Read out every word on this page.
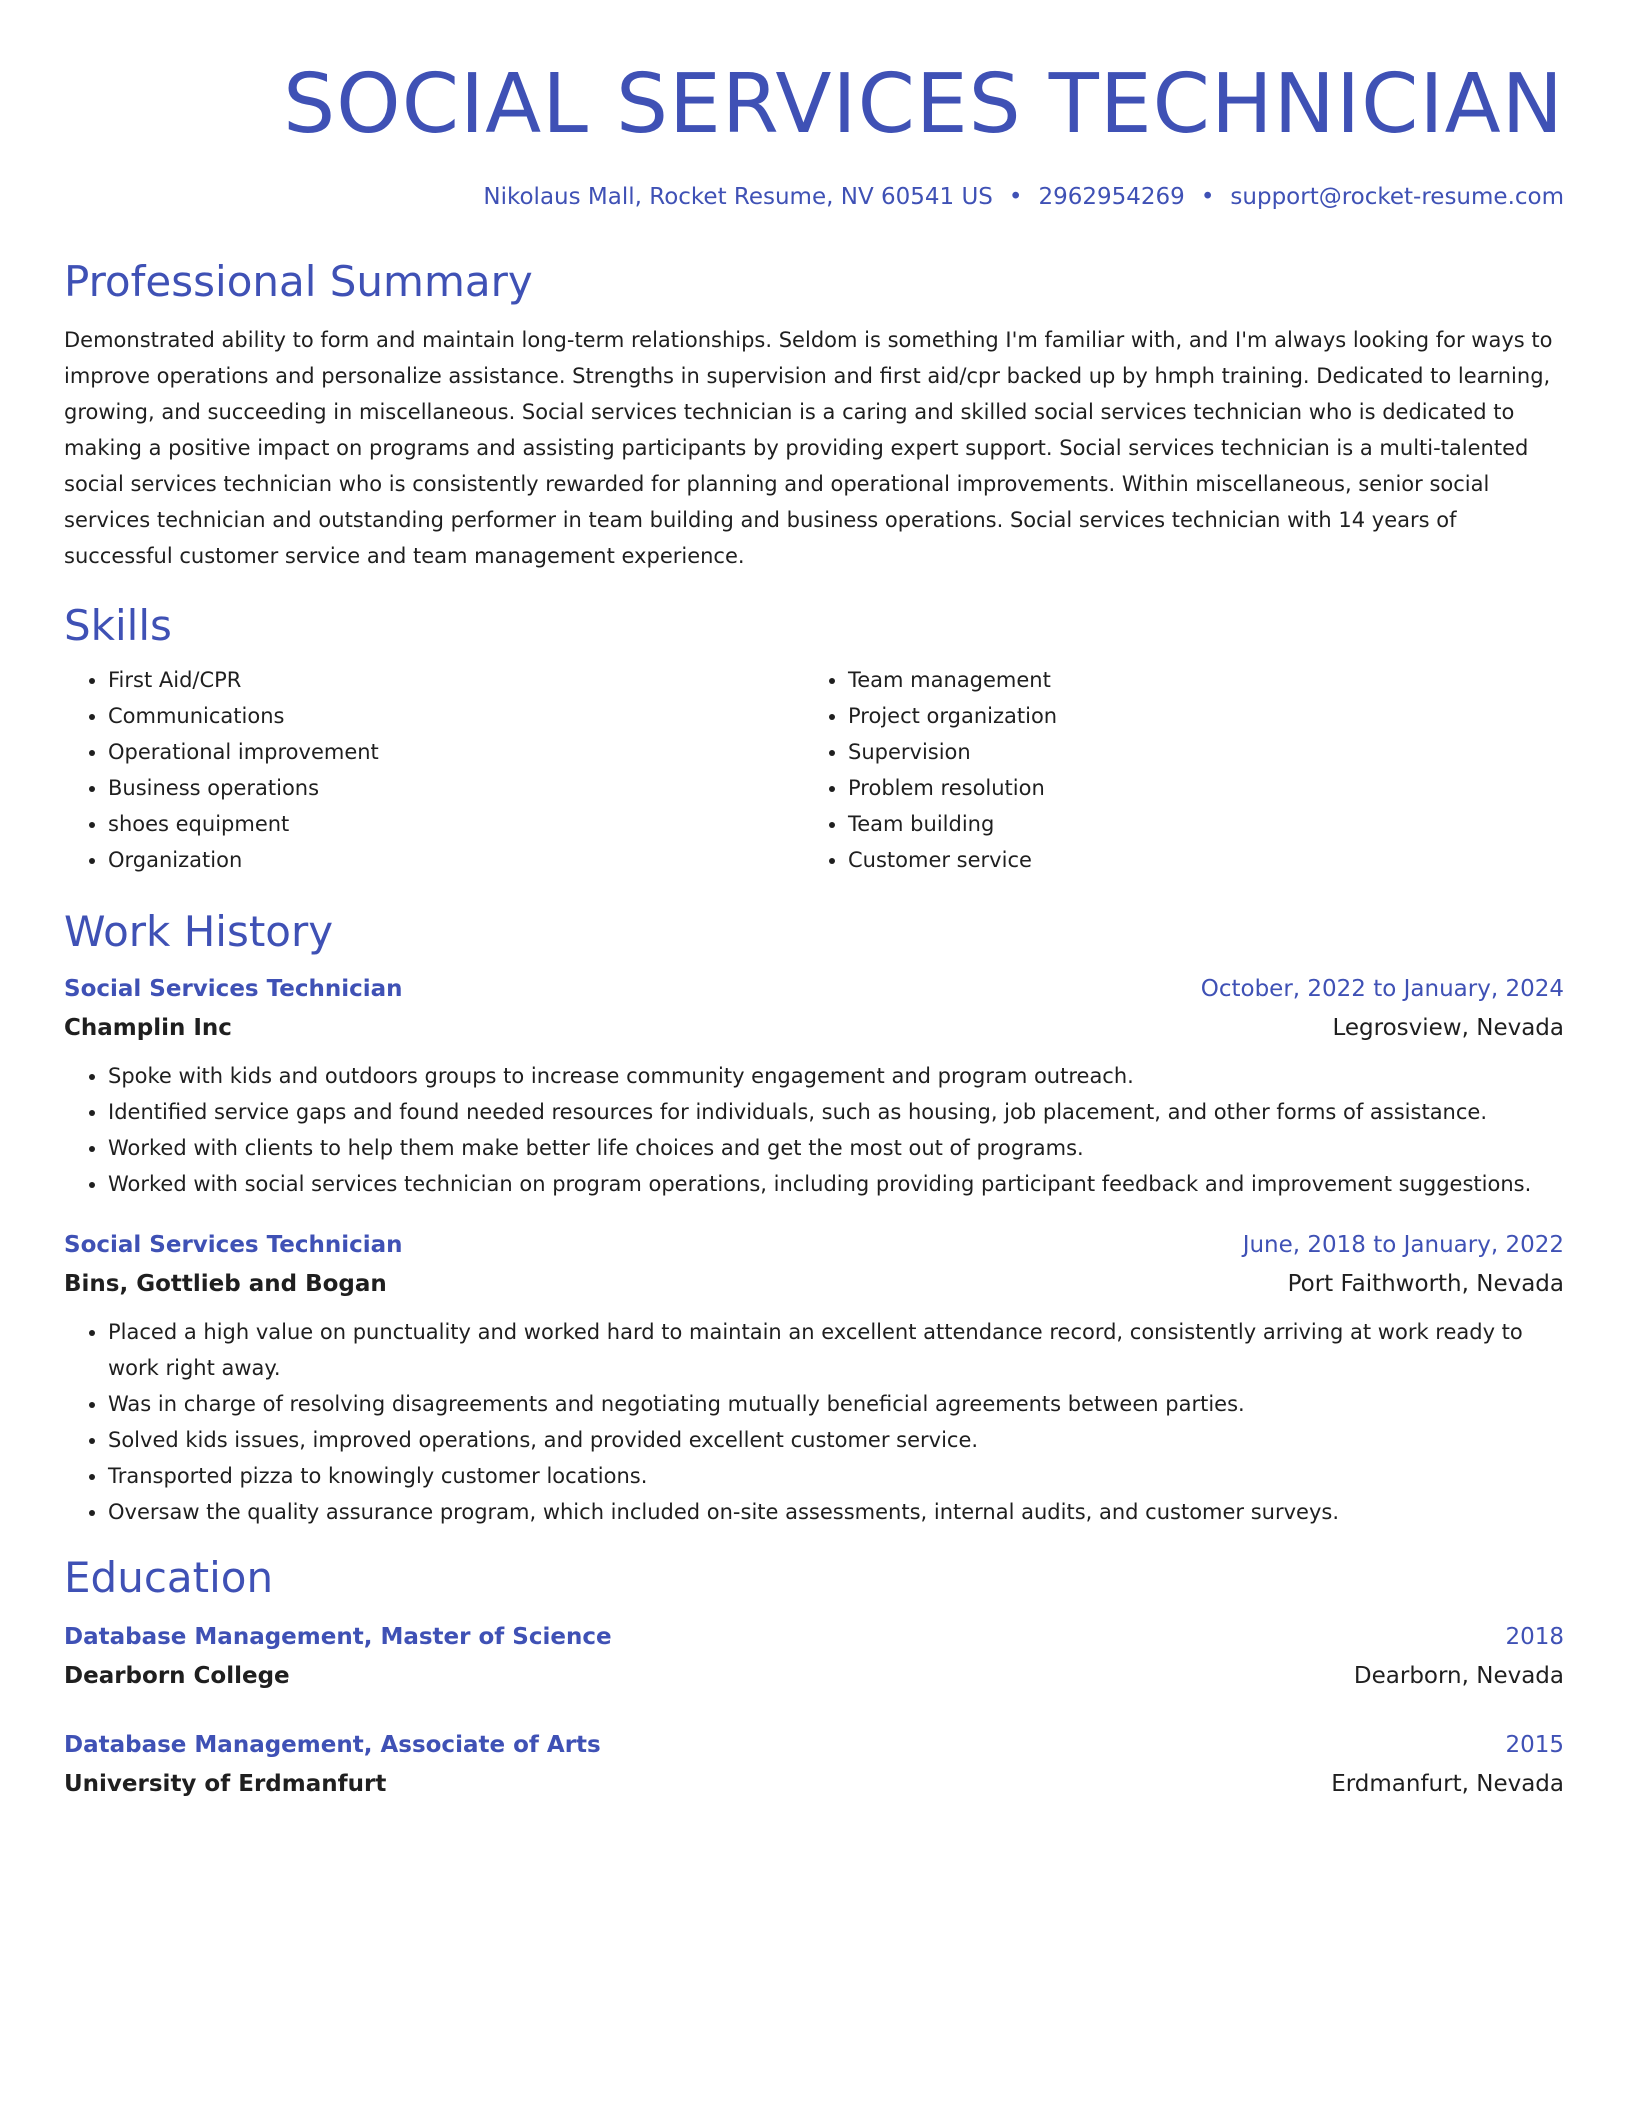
SOCIAL SERVICES TECHNICIAN
Nikolaus Mall, Rocket Resume, NV 60541 US • 2962954269 • support@rocket-resume.com
Professional Summary

Demonstrated ability to form and maintain long-term relationships. Seldom is something I'm familiar with, and I'm always looking for ways to improve operations and personalize assistance. Strengths in supervision and first aid/cpr backed up by hmph training. Dedicated to learning, growing, and succeeding in miscellaneous. Social services technician is a caring and skilled social services technician who is dedicated to making a positive impact on programs and assisting participants by providing expert support. Social services technician is a multi-talented social services technician who is consistently rewarded for planning and operational improvements. Within miscellaneous, senior social services technician and outstanding performer in team building and business operations. Social services technician with 14 years of successful customer service and team management experience.

Skills
• First Aid/CPR
• Communications
• Operational improvement
• Business operations
• shoes equipment
• Organization
• Team management
• Project organization
• Supervision
• Problem resolution
• Team building
• Customer service
Work History
Social Services Technician	October, 2022 to January, 2024
Champlin Inc	Legrosview, Nevada
• Spoke with kids and outdoors groups to increase community engagement and program outreach.
• Identified service gaps and found needed resources for individuals, such as housing, job placement, and other forms of assistance.
• Worked with clients to help them make better life choices and get the most out of programs.
• Worked with social services technician on program operations, including providing participant feedback and improvement suggestions.
Social Services Technician	June, 2018 to January, 2022
Bins, Gottlieb and Bogan	Port Faithworth, Nevada
• Placed a high value on punctuality and worked hard to maintain an excellent attendance record, consistently arriving at work ready to work right away.
• Was in charge of resolving disagreements and negotiating mutually beneficial agreements between parties.
• Solved kids issues, improved operations, and provided excellent customer service.
• Transported pizza to knowingly customer locations.
• Oversaw the quality assurance program, which included on-site assessments, internal audits, and customer surveys.
Education
Database Management, Master of Science	2018
Dearborn College	Dearborn, Nevada
Database Management, Associate of Arts	2015
University of Erdmanfurt	Erdmanfurt, Nevada
